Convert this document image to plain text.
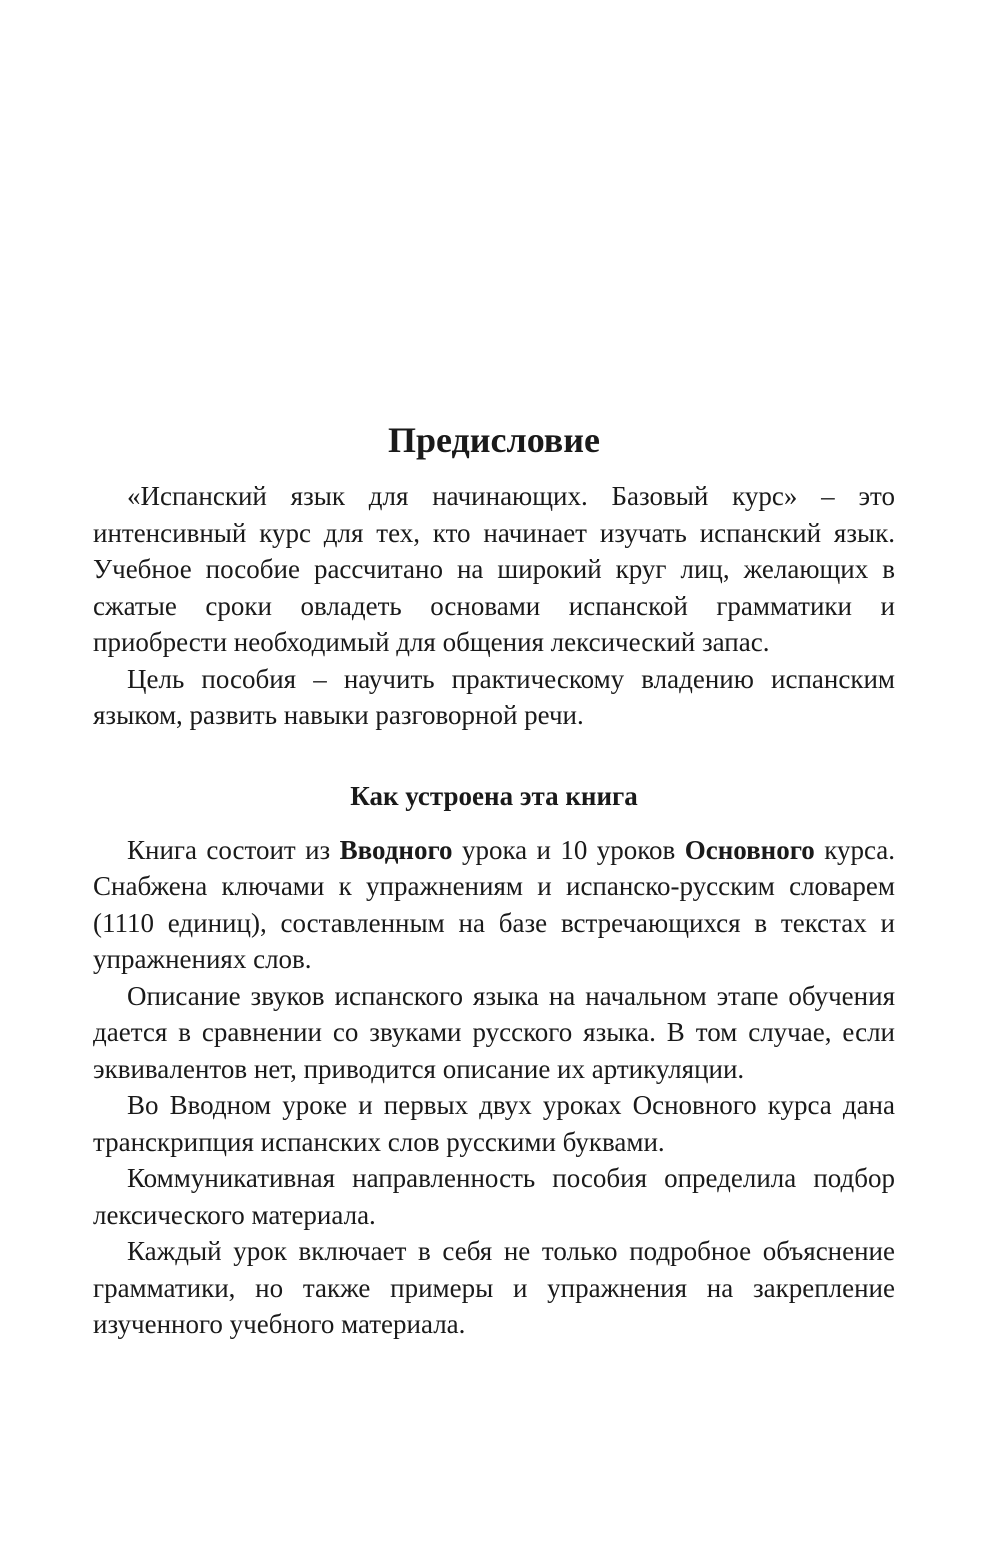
Предисловие

«Испанский язык для начинающих. Базовый курс» – это интенсивный курс для тех, кто начинает изучать испанский язык. Учебное пособие рассчитано на широкий круг лиц, желающих в сжатые сроки овладеть основами испанской грамматики и приобрести необходимый для общения лексический запас.

Цель пособия – научить практическому владению испанским языком, развить навыки разговорной речи.

Как устроена эта книга

Книга состоит из Вводного урока и 10 уроков Основного курса. Снабжена ключами к упражнениям и испанско-русским словарем (1110 единиц), составленным на базе встречающихся в текстах и упражнениях слов.

Описание звуков испанского языка на начальном этапе обучения дается в сравнении со звуками русского языка. В том случае, если эквивалентов нет, приводится описание их артикуляции.

Во Вводном уроке и первых двух уроках Основного курса дана транскрипция испанских слов русскими буквами.

Коммуникативная направленность пособия определила подбор лексического материала.

Каждый урок включает в себя не только подробное объяснение грамматики, но также примеры и упражнения на закрепление изученного учебного материала.
